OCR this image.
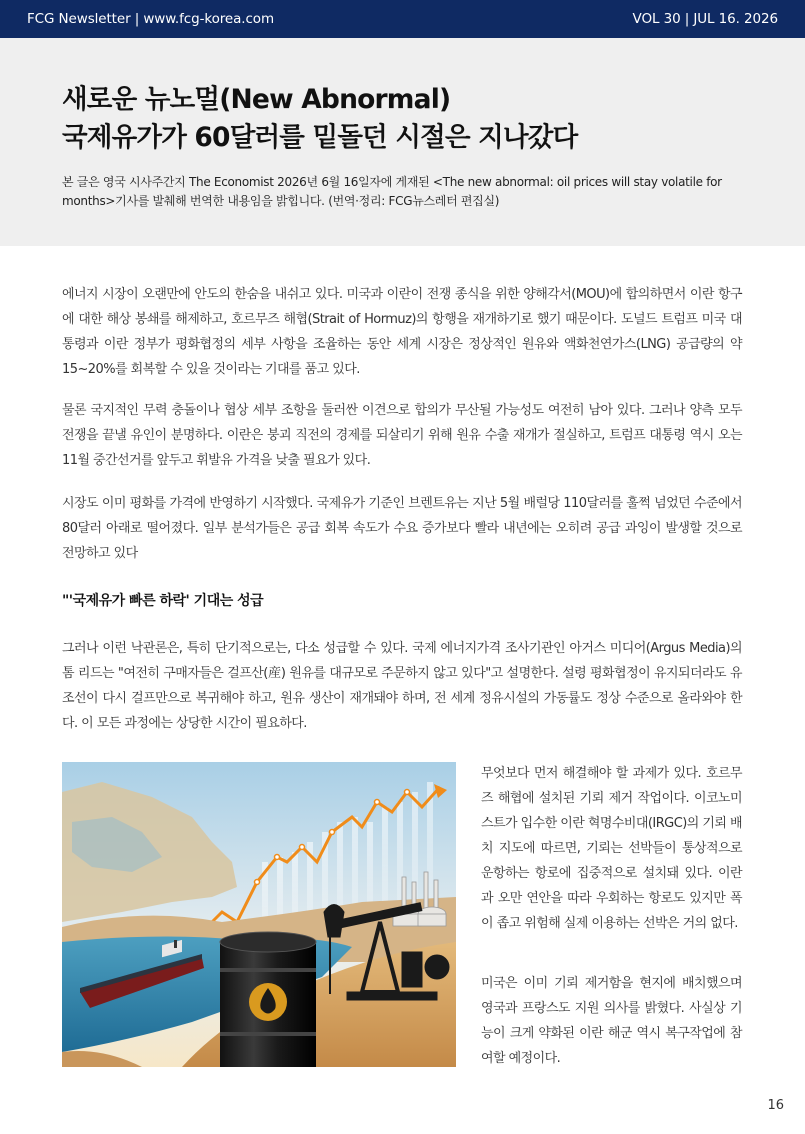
FCG Newsletter | www.fcg-korea.com	VOL 30 | JUL 16. 2026
새로운 뉴노멀(New Abnormal)
국제유가가 60달러를 밑돌던 시절은 지나갔다

본 글은 영국 시사주간지 The Economist 2026년 6월 16일자에 게재된 <The new abnormal: oil prices will stay volatile for months>기사를 발췌해 번역한 내용임을 밝힙니다. (번역·정리: FCG뉴스레터 편집실)

에너지 시장이 오랜만에 안도의 한숨을 내쉬고 있다. 미국과 이란이 전쟁 종식을 위한 양해각서(MOU)에 합의하면서 이란 항구에 대한 해상 봉쇄를 해제하고, 호르무즈 해협(Strait of Hormuz)의 항행을 재개하기로 했기 때문이다. 도널드 트럼프 미국 대통령과 이란 정부가 평화협정의 세부 사항을 조율하는 동안 세계 시장은 정상적인 원유와 액화천연가스(LNG) 공급량의 약 15~20%를 회복할 수 있을 것이라는 기대를 품고 있다.

물론 국지적인 무력 충돌이나 협상 세부 조항을 둘러싼 이견으로 합의가 무산될 가능성도 여전히 남아 있다. 그러나 양측 모두 전쟁을 끝낼 유인이 분명하다. 이란은 붕괴 직전의 경제를 되살리기 위해 원유 수출 재개가 절실하고, 트럼프 대통령 역시 오는 11월 중간선거를 앞두고 휘발유 가격을 낮출 필요가 있다.

시장도 이미 평화를 가격에 반영하기 시작했다. 국제유가 기준인 브렌트유는 지난 5월 배럴당 110달러를 훌쩍 넘었던 수준에서 80달러 아래로 떨어졌다. 일부 분석가들은 공급 회복 속도가 수요 증가보다 빨라 내년에는 오히려 공급 과잉이 발생할 것으로 전망하고 있다

"'국제유가 빠른 하락' 기대는 성급

그러나 이런 낙관론은, 특히 단기적으로는, 다소 성급할 수 있다. 국제 에너지가격 조사기관인 아거스 미디어(Argus Media)의 톰 리드는 "여전히 구매자들은 걸프산(産) 원유를 대규모로 주문하지 않고 있다"고 설명한다. 설령 평화협정이 유지되더라도 유조선이 다시 걸프만으로 복귀해야 하고, 원유 생산이 재개돼야 하며, 전 세계 정유시설의 가동률도 정상 수준으로 올라와야 한다. 이 모든 과정에는 상당한 시간이 필요하다.

무엇보다 먼저 해결해야 할 과제가 있다. 호르무즈 해협에 설치된 기뢰 제거 작업이다. 이코노미스트가 입수한 이란 혁명수비대(IRGC)의 기뢰 배치 지도에 따르면, 기뢰는 선박들이 통상적으로 운항하는 항로에 집중적으로 설치돼 있다. 이란과 오만 연안을 따라 우회하는 항로도 있지만 폭이 좁고 위험해 실제 이용하는 선박은 거의 없다.

미국은 이미 기뢰 제거함을 현지에 배치했으며 영국과 프랑스도 지원 의사를 밝혔다. 사실상 기능이 크게 약화된 이란 해군 역시 복구작업에 참여할 예정이다.

16
